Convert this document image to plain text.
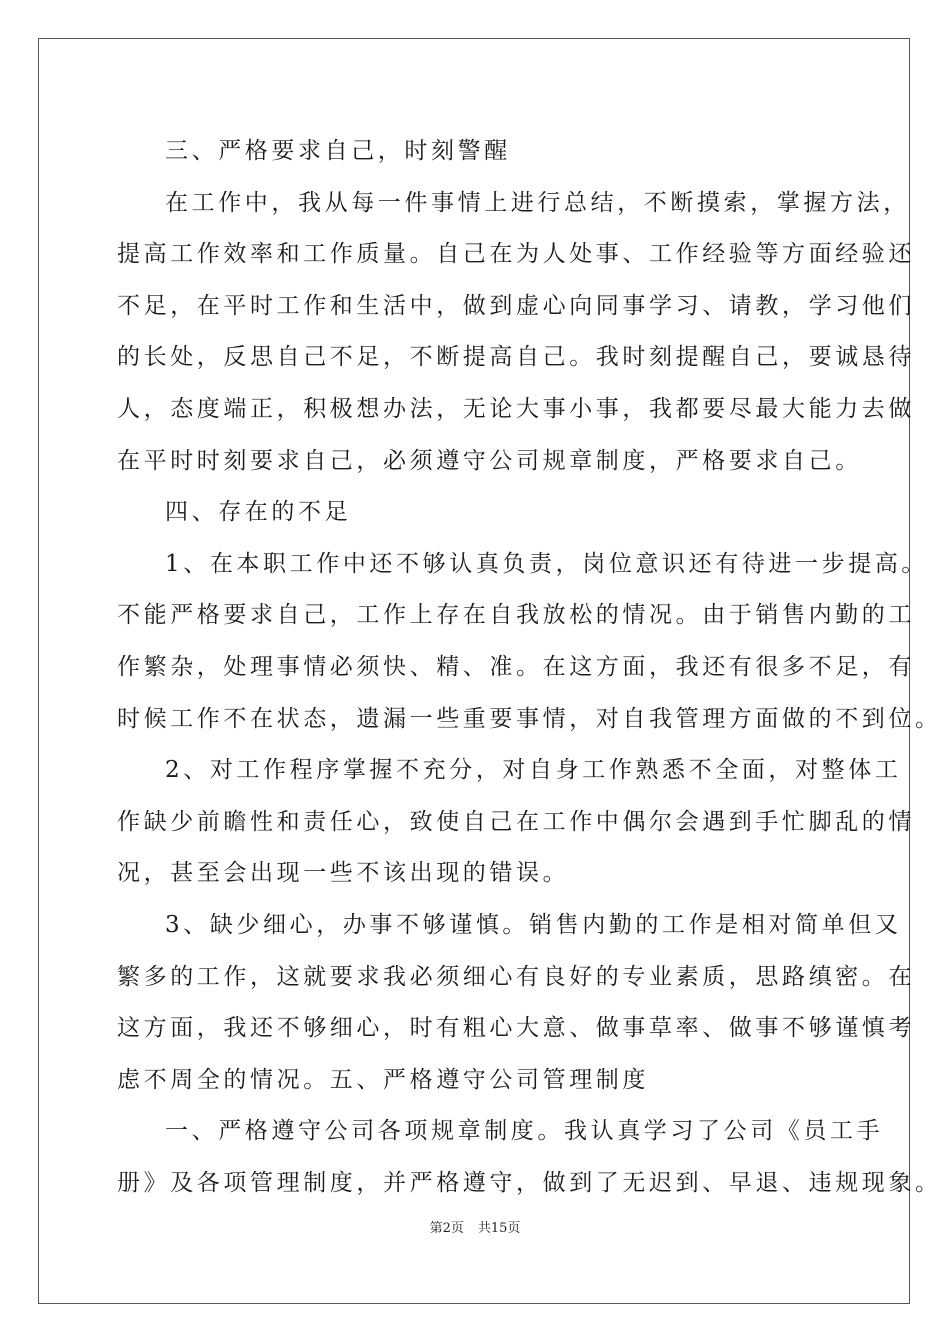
三、严格要求自己，时刻警醒
在工作中，我从每一件事情上进行总结，不断摸索，掌握方法，
提高工作效率和工作质量。自己在为人处事、工作经验等方面经验还
不足，在平时工作和生活中，做到虚心向同事学习、请教，学习他们
的长处，反思自己不足，不断提高自己。我时刻提醒自己，要诚恳待
人，态度端正，积极想办法，无论大事小事，我都要尽最大能力去做
在平时时刻要求自己，必须遵守公司规章制度，严格要求自己。
四、存在的不足
1、在本职工作中还不够认真负责，岗位意识还有待进一步提高。
不能严格要求自己，工作上存在自我放松的情况。由于销售内勤的工
作繁杂，处理事情必须快、精、准。在这方面，我还有很多不足，有
时候工作不在状态，遗漏一些重要事情，对自我管理方面做的不到位。
2、对工作程序掌握不充分，对自身工作熟悉不全面，对整体工
作缺少前瞻性和责任心，致使自己在工作中偶尔会遇到手忙脚乱的情
况，甚至会出现一些不该出现的错误。
3、缺少细心，办事不够谨慎。销售内勤的工作是相对简单但又
繁多的工作，这就要求我必须细心有良好的专业素质，思路缜密。在
这方面，我还不够细心，时有粗心大意、做事草率、做事不够谨慎考
虑不周全的情况。五、严格遵守公司管理制度
一、严格遵守公司各项规章制度。我认真学习了公司《员工手
册》及各项管理制度，并严格遵守，做到了无迟到、早退、违规现象。
第2页 共15页
